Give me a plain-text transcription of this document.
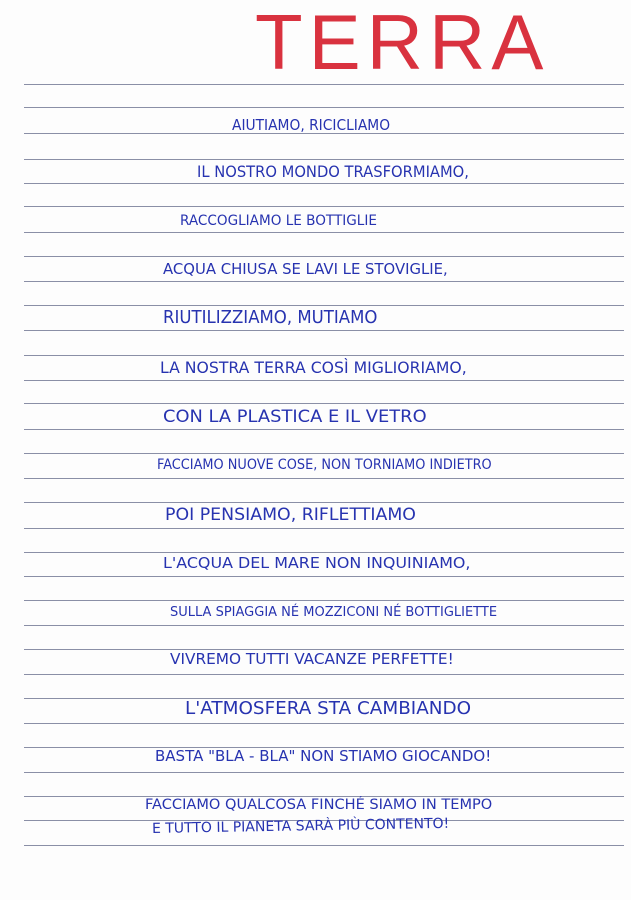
TERRA
AIUTIAMO, RICICLIAMO
IL NOSTRO MONDO TRASFORMIAMO,
RACCOGLIAMO LE BOTTIGLIE
ACQUA CHIUSA SE LAVI LE STOVIGLIE,
RIUTILIZZIAMO, MUTIAMO
LA NOSTRA TERRA COSÌ MIGLIORIAMO,
CON LA PLASTICA E IL VETRO
FACCIAMO NUOVE COSE, NON TORNIAMO INDIETRO
POI PENSIAMO, RIFLETTIAMO
L'ACQUA DEL MARE NON INQUINIAMO,
SULLA SPIAGGIA NÉ MOZZICONI NÉ BOTTIGLIETTE
VIVREMO TUTTI VACANZE PERFETTE!
L'ATMOSFERA STA CAMBIANDO
BASTA "BLA - BLA" NON STIAMO GIOCANDO!
FACCIAMO QUALCOSA FINCHÉ SIAMO IN TEMPO
E TUTTO IL PIANETA SARÀ PIÙ CONTENTO!
